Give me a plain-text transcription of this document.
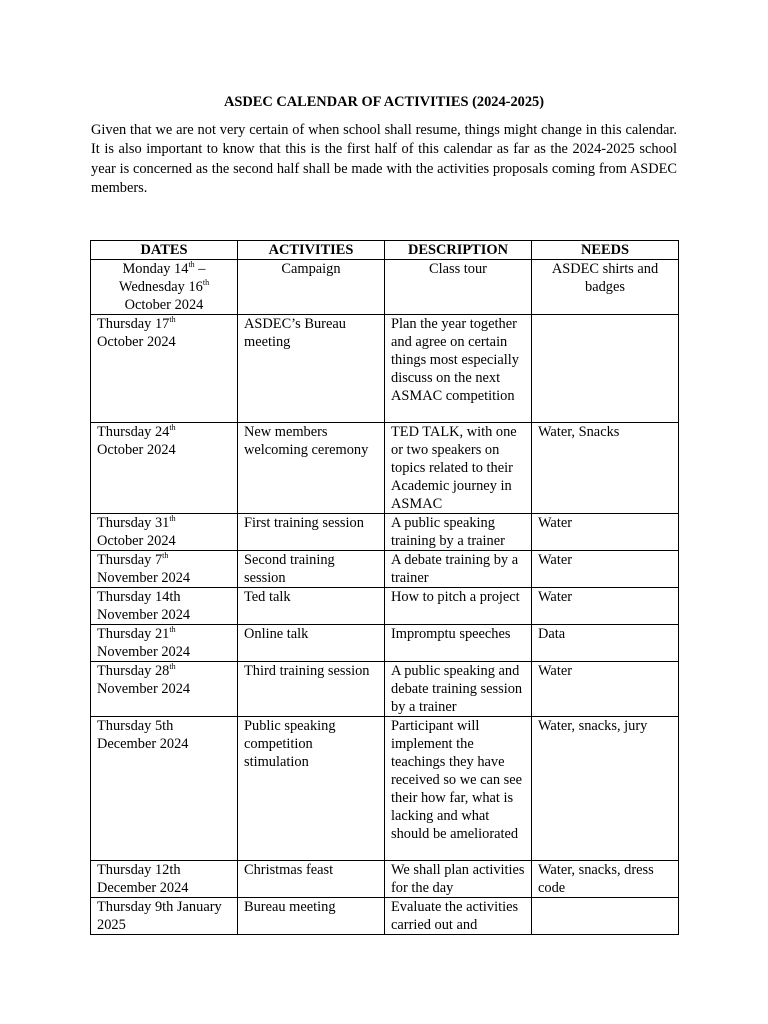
ASDEC CALENDAR OF ACTIVITIES (2024-2025)
Given that we are not very certain of when school shall resume, things might change in this calendar. It is also important to know that this is the first half of this calendar as far as the 2024-2025 school year is concerned as the second half shall be made with the activities proposals coming from ASDEC members.
DATES	ACTIVITIES	DESCRIPTION	NEEDS
Monday 14th –
Wednesday 16th
October 2024	Campaign	Class tour	ASDEC shirts and badges
Thursday 17th
October 2024	ASDEC’s Bureau meeting	Plan the year together and agree on certain things most especially discuss on the next ASMAC competition	
Thursday 24th
October 2024	New members welcoming ceremony	TED TALK, with one or two speakers on topics related to their Academic journey in ASMAC	Water, Snacks
Thursday 31th
October 2024	First training session	A public speaking training by a trainer	Water
Thursday 7th
November 2024	Second training session	A debate training by a trainer	Water
Thursday 14th
November 2024	Ted talk	How to pitch a project	Water
Thursday 21th
November 2024	Online talk	Impromptu speeches	Data
Thursday 28th
November 2024	Third training session	A public speaking and debate training session by a trainer	Water
Thursday 5th
December 2024	Public speaking competition stimulation	Participant will implement the teachings they have received so we can see their how far, what is lacking and what should be ameliorated	Water, snacks, jury
Thursday 12th
December 2024	Christmas feast	We shall plan activities for the day	Water, snacks, dress code
Thursday 9th January 2025	Bureau meeting	Evaluate the activities carried out and	
